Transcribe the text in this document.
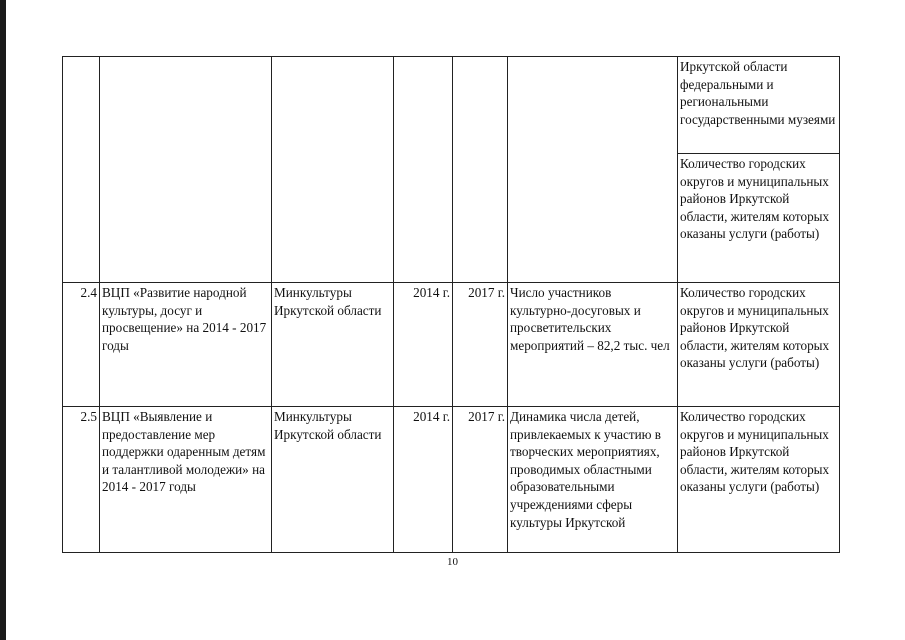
						Иркутской области федеральными и региональными государственными музеями
						Количество городских округов и муниципальных районов Иркутской области, жителям которых оказаны услуги (работы)
2.4	ВЦП «Развитие народной культуры, досуг и просвещение» на 2014 - 2017 годы	Минкультуры Иркутской области	2014 г.	2017 г.	Число участников культурно-досуговых и просветительских мероприятий – 82,2 тыс. чел	Количество городских округов и муниципальных районов Иркутской области, жителям которых оказаны услуги (работы)
2.5	ВЦП «Выявление и предоставление мер поддержки одаренным детям и талантливой молодежи» на 2014 - 2017 годы	Минкультуры Иркутской области	2014 г.	2017 г.	Динамика числа детей, привлекаемых к участию в творческих мероприятиях, проводимых областными образовательными учреждениями сферы культуры Иркутской	Количество городских округов и муниципальных районов Иркутской области, жителям которых оказаны услуги (работы)
10
